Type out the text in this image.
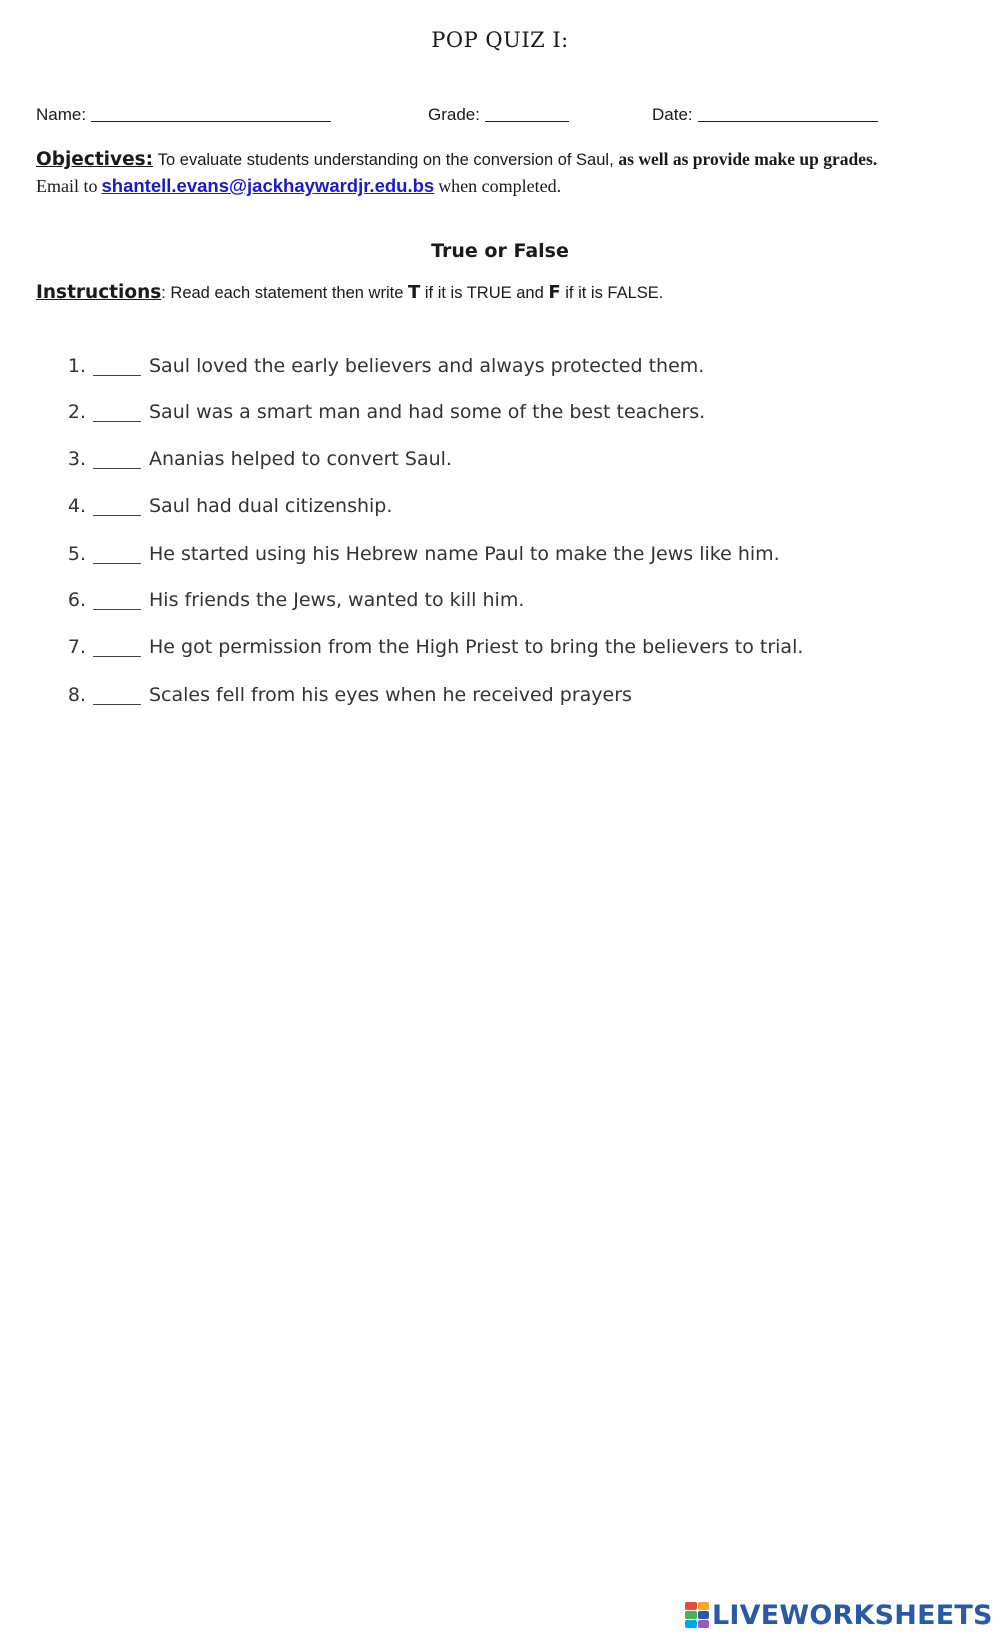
POP QUIZ I:
Name:	Grade:	Date:
Objectives: To evaluate students understanding on the conversion of Saul, as well as provide make up grades.
Email to shantell.evans@jackhaywardjr.edu.bs when completed.
True or False
Instructions: Read each statement then write T if it is TRUE and F if it is FALSE.
1.	Saul loved the early believers and always protected them.
2.	Saul was a smart man and had some of the best teachers.
3.	Ananias helped to convert Saul.
4.	Saul had dual citizenship.
5.	He started using his Hebrew name Paul to make the Jews like him.
6.	His friends the Jews, wanted to kill him.
7.	He got permission from the High Priest to bring the believers to trial.
8.	Scales fell from his eyes when he received prayers
LIVEWORKSHEETS
